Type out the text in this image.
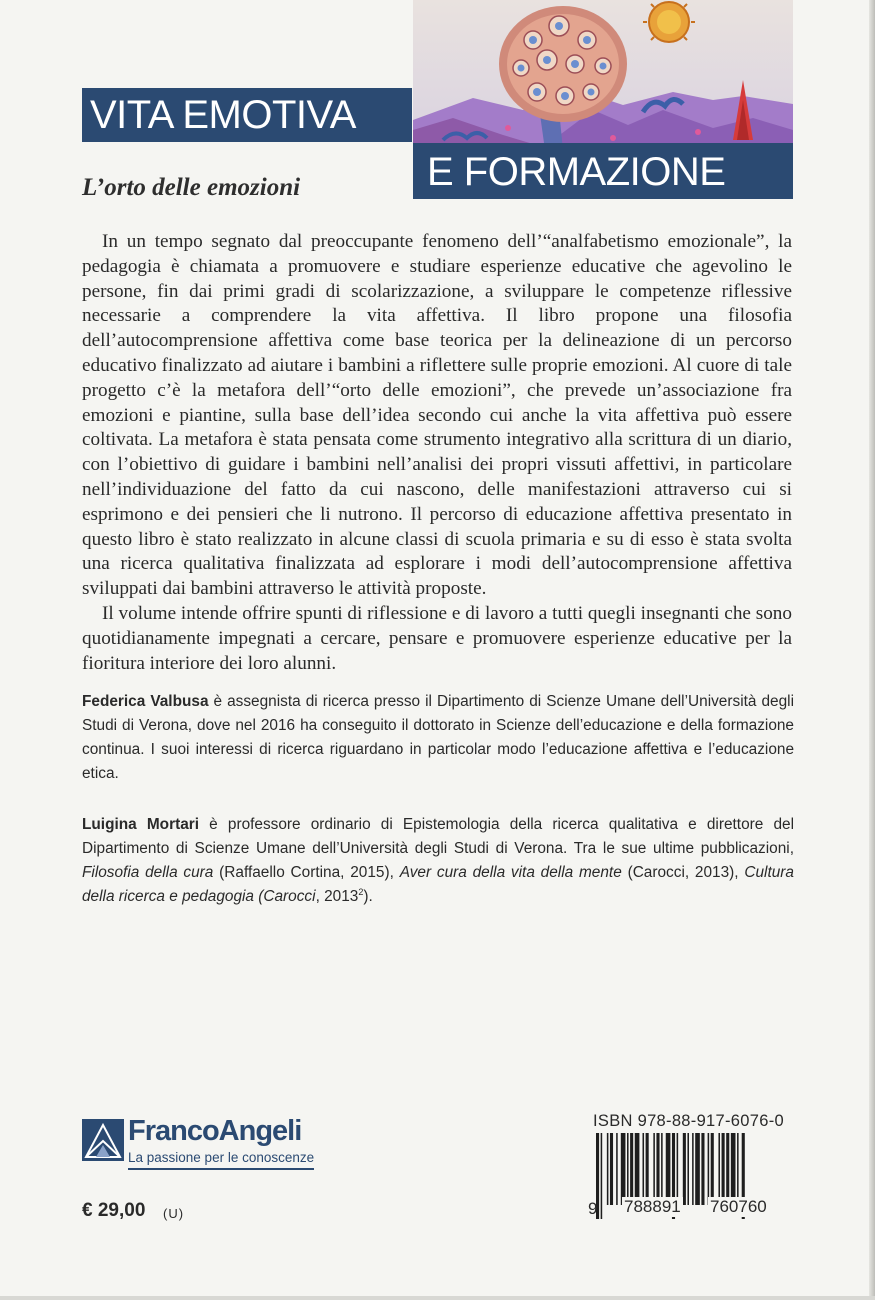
VITA EMOTIVA
E FORMAZIONE
L’orto delle emozioni

In un tempo segnato dal preoccupante fenomeno dell’“analfabetismo emozionale”, la pedagogia è chiamata a promuovere e studiare esperienze educative che agevolino le persone, fin dai primi gradi di scolarizzazione, a sviluppare le competenze riflessive necessarie a comprendere la vita affettiva. Il libro propone una filosofia dell’autocomprensione affettiva come base teorica per la delineazione di un percorso educativo finalizzato ad aiutare i bambini a riflettere sulle proprie emozioni. Al cuore di tale progetto c’è la metafora dell’“orto delle emozioni”, che prevede un’associazione fra emozioni e piantine, sulla base dell’idea secondo cui anche la vita affettiva può essere coltivata. La metafora è stata pensata come strumento integrativo alla scrittura di un diario, con l’obiettivo di guidare i bambini nell’analisi dei propri vissuti affettivi, in particolare nell’individuazione del fatto da cui nascono, delle manifestazioni attraverso cui si esprimono e dei pensieri che li nutrono. Il percorso di educazione affettiva presentato in questo libro è stato realizzato in alcune classi di scuola primaria e su di esso è stata svolta una ricerca qualitativa finalizzata ad esplorare i modi dell’autocomprensione affettiva sviluppati dai bambini attraverso le attività proposte.

Il volume intende offrire spunti di riflessione e di lavoro a tutti quegli insegnanti che sono quotidianamente impegnati a cercare, pensare e promuovere esperienze educative per la fioritura interiore dei loro alunni.

Federica Valbusa è assegnista di ricerca presso il Dipartimento di Scienze Umane dell’Università degli Studi di Verona, dove nel 2016 ha conseguito il dottorato in Scienze dell’educazione e della formazione continua. I suoi interessi di ricerca riguardano in particolar modo l’educazione affettiva e l’educazione etica.
Luigina Mortari è professore ordinario di Epistemologia della ricerca qualitativa e direttore del Dipartimento di Scienze Umane dell’Università degli Studi di Verona. Tra le sue ultime pubblicazioni, Filosofia della cura (Raffaello Cortina, 2015), Aver cura della vita della mente (Carocci, 2013), Cultura della ricerca e pedagogia (Carocci, 2013$^2$).
FrancoAngeli
La passione per le conoscenze
€ 29,00 (U)
ISBN 978-88-917-6076-0
9 788891 760760
